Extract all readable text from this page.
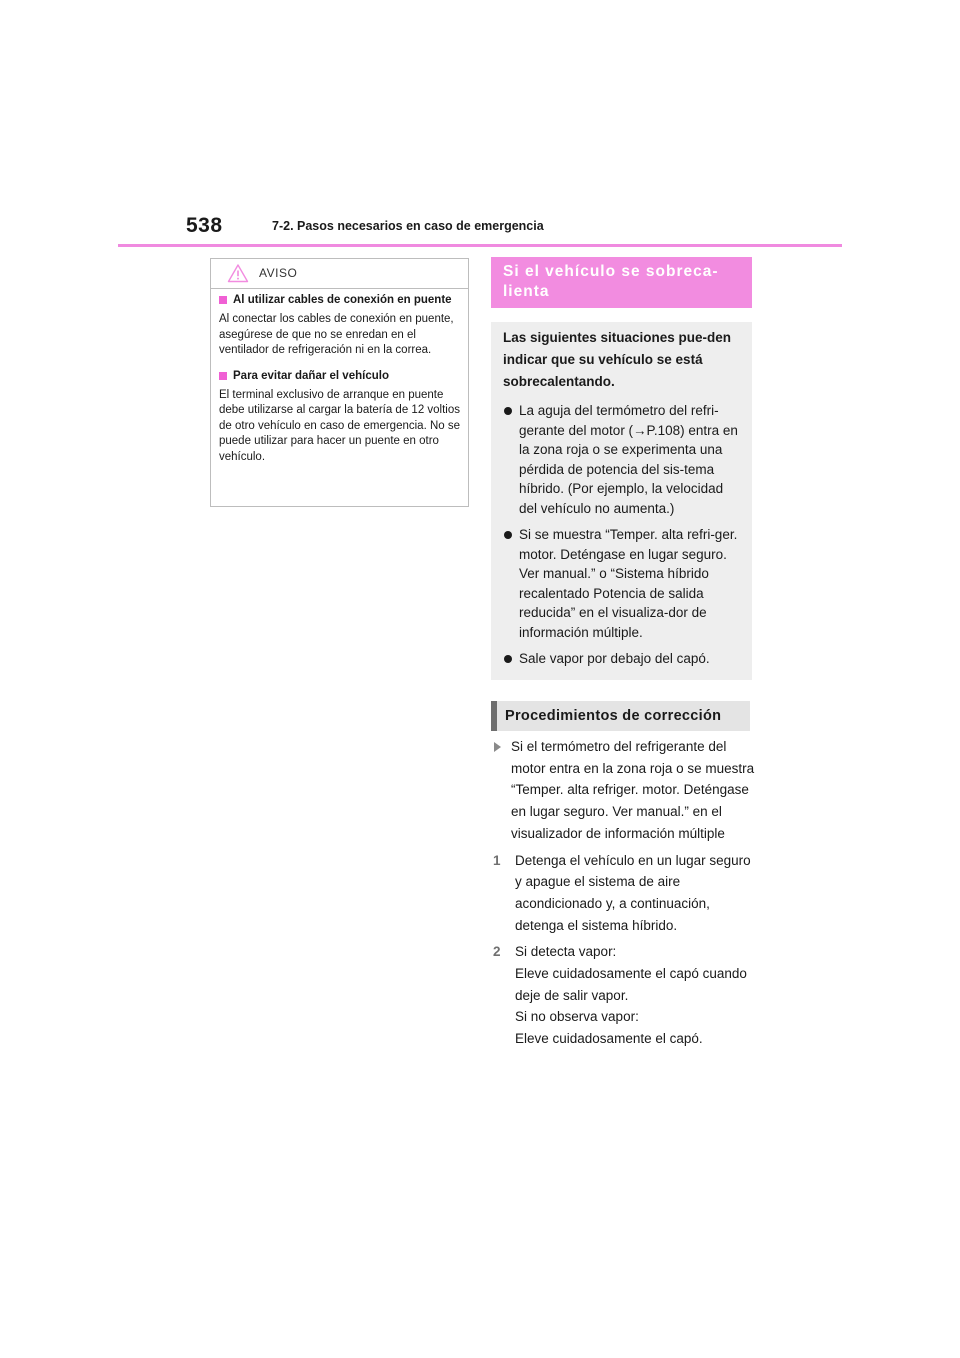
538	7-2. Pasos necesarios en caso de emergencia
AVISO
Al utilizar cables de conexión en puente
Al conectar los cables de conexión en puente, asegúrese de que no se enredan en el ventilador de refrigeración ni en la correa.
Para evitar dañar el vehículo
El terminal exclusivo de arranque en puente debe utilizarse al cargar la batería de 12 voltios de otro vehículo en caso de emergencia. No se puede utilizar para hacer un puente en otro vehículo.
Si el vehículo se sobreca-lienta
Las siguientes situaciones pue-den indicar que su vehículo se está sobrecalentando.
La aguja del termómetro del refri-gerante del motor (→P.108) entra en la zona roja o se experimenta una pérdida de potencia del sis-tema híbrido. (Por ejemplo, la velocidad del vehículo no aumenta.)
Si se muestra “Temper. alta refri-ger. motor. Deténgase en lugar seguro. Ver manual.” o “Sistema híbrido recalentado Potencia de salida reducida” en el visualiza-dor de información múltiple.
Sale vapor por debajo del capó.
Procedimientos de corrección
Si el termómetro del refrigerante del motor entra en la zona roja o se muestra “Temper. alta refriger. motor. Deténgase en lugar seguro. Ver manual.” en el visualizador de información múltiple
1 Detenga el vehículo en un lugar seguro y apague el sistema de aire acondicionado y, a continuación, detenga el sistema híbrido.
2 Si detecta vapor:
Eleve cuidadosamente el capó cuando deje de salir vapor.
Si no observa vapor:
Eleve cuidadosamente el capó.
